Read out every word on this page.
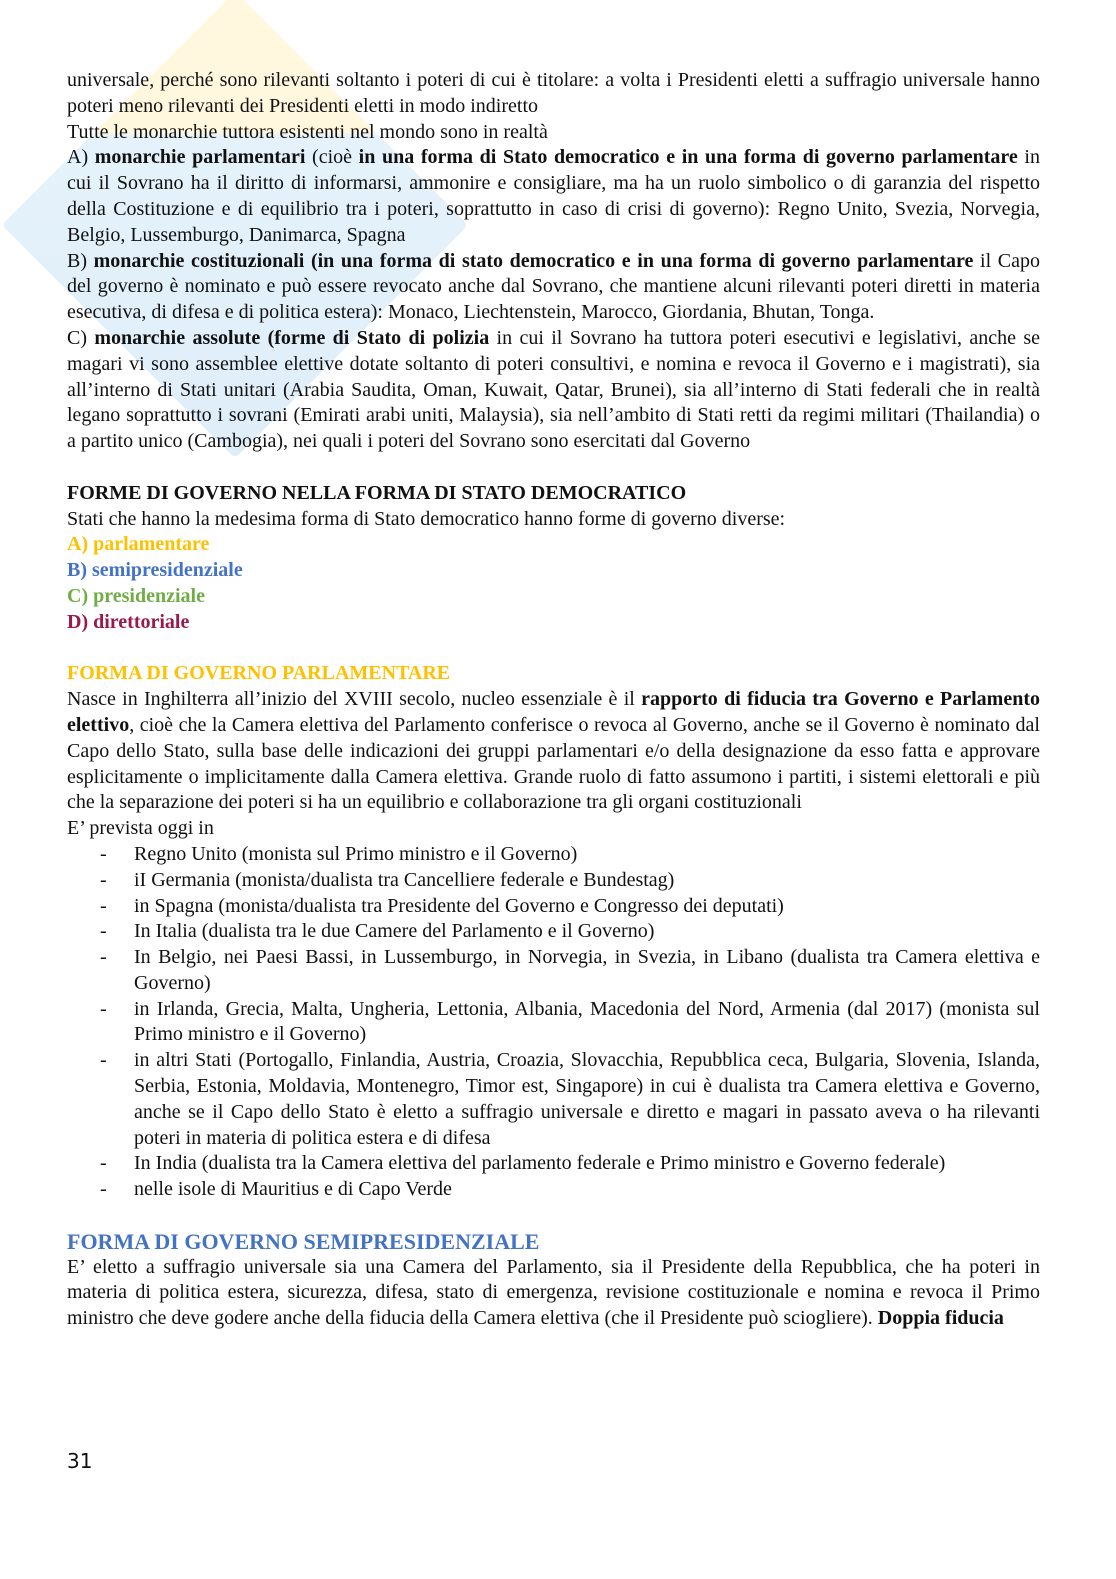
universale, perché sono rilevanti soltanto i poteri di cui è titolare: a volta i Presidenti eletti a suffragio universale hanno poteri meno rilevanti dei Presidenti eletti in modo indiretto

Tutte le monarchie tuttora esistenti nel mondo sono in realtà

A) monarchie parlamentari (cioè in una forma di Stato democratico e in una forma di governo parlamentare in cui il Sovrano ha il diritto di informarsi, ammonire e consigliare, ma ha un ruolo simbolico o di garanzia del rispetto della Costituzione e di equilibrio tra i poteri, soprattutto in caso di crisi di governo): Regno Unito, Svezia, Norvegia, Belgio, Lussemburgo, Danimarca, Spagna

B) monarchie costituzionali (in una forma di stato democratico e in una forma di governo parlamentare il Capo del governo è nominato e può essere revocato anche dal Sovrano, che mantiene alcuni rilevanti poteri diretti in materia esecutiva, di difesa e di politica estera): Monaco, Liechtenstein, Marocco, Giordania, Bhutan, Tonga.

C) monarchie assolute (forme di Stato di polizia in cui il Sovrano ha tuttora poteri esecutivi e legislativi, anche se magari vi sono assemblee elettive dotate soltanto di poteri consultivi, e nomina e revoca il Governo e i magistrati), sia all’interno di Stati unitari (Arabia Saudita, Oman, Kuwait, Qatar, Brunei), sia all’interno di Stati federali che in realtà legano soprattutto i sovrani (Emirati arabi uniti, Malaysia), sia nell’ambito di Stati retti da regimi militari (Thailandia) o a partito unico (Cambogia), nei quali i poteri del Sovrano sono esercitati dal Governo

FORME DI GOVERNO NELLA FORMA DI STATO DEMOCRATICO

Stati che hanno la medesima forma di Stato democratico hanno forme di governo diverse:

A) parlamentare

B) semipresidenziale

C) presidenziale

D) direttoriale

FORMA DI GOVERNO PARLAMENTARE

Nasce in Inghilterra all’inizio del XVIII secolo, nucleo essenziale è il rapporto di fiducia tra Governo e Parlamento elettivo, cioè che la Camera elettiva del Parlamento conferisce o revoca al Governo, anche se il Governo è nominato dal Capo dello Stato, sulla base delle indicazioni dei gruppi parlamentari e/o della designazione da esso fatta e approvare esplicitamente o implicitamente dalla Camera elettiva. Grande ruolo di fatto assumono i partiti, i sistemi elettorali e più che la separazione dei poteri si ha un equilibrio e collaborazione tra gli organi costituzionali

E’ prevista oggi in

- Regno Unito (monista sul Primo ministro e il Governo)
- iI Germania (monista/dualista tra Cancelliere federale e Bundestag)
- in Spagna (monista/dualista tra Presidente del Governo e Congresso dei deputati)
- In Italia (dualista tra le due Camere del Parlamento e il Governo)
- In Belgio, nei Paesi Bassi, in Lussemburgo, in Norvegia, in Svezia, in Libano (dualista tra Camera elettiva e Governo)
- in Irlanda, Grecia, Malta, Ungheria, Lettonia, Albania, Macedonia del Nord, Armenia (dal 2017) (monista sul Primo ministro e il Governo)
- in altri Stati (Portogallo, Finlandia, Austria, Croazia, Slovacchia, Repubblica ceca, Bulgaria, Slovenia, Islanda, Serbia, Estonia, Moldavia, Montenegro, Timor est, Singapore) in cui è dualista tra Camera elettiva e Governo, anche se il Capo dello Stato è eletto a suffragio universale e diretto e magari in passato aveva o ha rilevanti poteri in materia di politica estera e di difesa
- In India (dualista tra la Camera elettiva del parlamento federale e Primo ministro e Governo federale)
- nelle isole di Mauritius e di Capo Verde

FORMA DI GOVERNO SEMIPRESIDENZIALE

E’ eletto a suffragio universale sia una Camera del Parlamento, sia il Presidente della Repubblica, che ha poteri in materia di politica estera, sicurezza, difesa, stato di emergenza, revisione costituzionale e nomina e revoca il Primo ministro che deve godere anche della fiducia della Camera elettiva (che il Presidente può sciogliere). Doppia fiducia

31
